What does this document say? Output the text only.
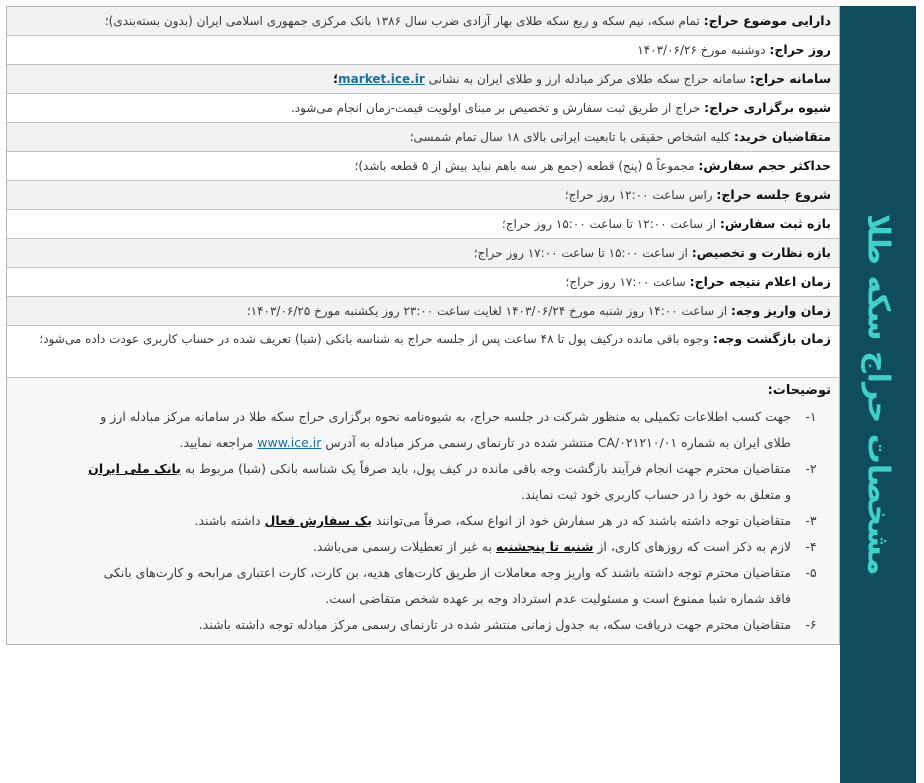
مشخصات حراج سکه طلا
دارایی موضوع حراج: تمام سکه، نیم سکه و ربع سکه طلای بهار آزادی ضرب سال ۱۳۸۶ بانک مرکزی جمهوری اسلامی ایران (بدون بسته‌بندی)؛
روز حراج: دوشنبه مورخ ۱۴۰۳/۰۶/۲۶
سامانه حراج: سامانه حراج سکه طلای مرکز مبادله ارز و طلای ایران به نشانی market.ice.ir؛
شیوه برگزاری حراج: حراج از طریق ثبت سفارش و تخصیص بر مبنای اولویت قیمت-زمان انجام می‌شود.
متقاضیان خرید: کلیه اشخاص حقیقی با تابعیت ایرانی بالای ۱۸ سال تمام شمسی؛
حداکثر حجم سفارش: مجموعاً ۵ (پنج) قطعه (جمع هر سه باهم نباید بیش از ۵ قطعه باشد)؛
شروع جلسه حراج: راس ساعت ۱۲:۰۰ روز حراج؛
بازه ثبت سفارش: از ساعت ۱۲:۰۰ تا ساعت ۱۵:۰۰ روز حراج؛
بازه نظارت و تخصیص: از ساعت ۱۵:۰۰ تا ساعت ۱۷:۰۰ روز حراج؛
زمان اعلام نتیجه حراج: ساعت ۱۷:۰۰ روز حراج؛
زمان واریز وجه: از ساعت ۱۴:۰۰ روز شنبه مورخ ۱۴۰۳/۰۶/۲۴ لغایت ساعت ۲۳:۰۰ روز یکشنبه مورخ ۱۴۰۳/۰۶/۲۵؛
زمان بازگشت وجه: وجوه باقی مانده درکیف پول تا ۴۸ ساعت پس از جلسه حراج به شناسه بانکی (شبا) تعریف شده در حساب کاربری عودت داده می‌شود؛
توضیحات:
۱-
جهت کسب اطلاعات تکمیلی به منظور شرکت در جلسه حراج، به شیوه‌نامه نحوه برگزاری حراج سکه طلا در سامانه مرکز مبادله ارز و طلای ایران به شماره CA/۰۲۱۲۱۰/۰۱ منتشر شده در تارنمای رسمی مرکز مبادله به آدرس www.ice.ir مراجعه نمایید.
۲-
متقاضیان محترم جهت انجام فرآیند بازگشت وجه باقی مانده در کیف پول، باید صرفاً یک شناسه بانکی (شبا) مربوط به بانک ملی ایران و متعلق به خود را در حساب کاربری خود ثبت نمایند.
۳-
متقاضیان توجه داشته باشند که در هر سفارش خود از انواع سکه، صرفاً می‌توانند یک سفارش فعال داشته باشند.
۴-
لازم به ذکر است که روزهای کاری، از شنبه تا پنجشنبه به غیر از تعطیلات رسمی می‌باشد.
۵-
متقاضیان محترم توجه داشته باشند که واریز وجه معاملات از طریق کارت‌های هدیه، بن کارت، کارت اعتباری مرابحه و کارت‌های بانکی فاقد شماره شبا ممنوع است و مسئولیت عدم استرداد وجه بر عهده شخص متقاضی است.
۶-
متقاضیان محترم جهت دریافت سکه، به جدول زمانی منتشر شده در تارنمای رسمی مرکز مبادله توجه داشته باشند.
